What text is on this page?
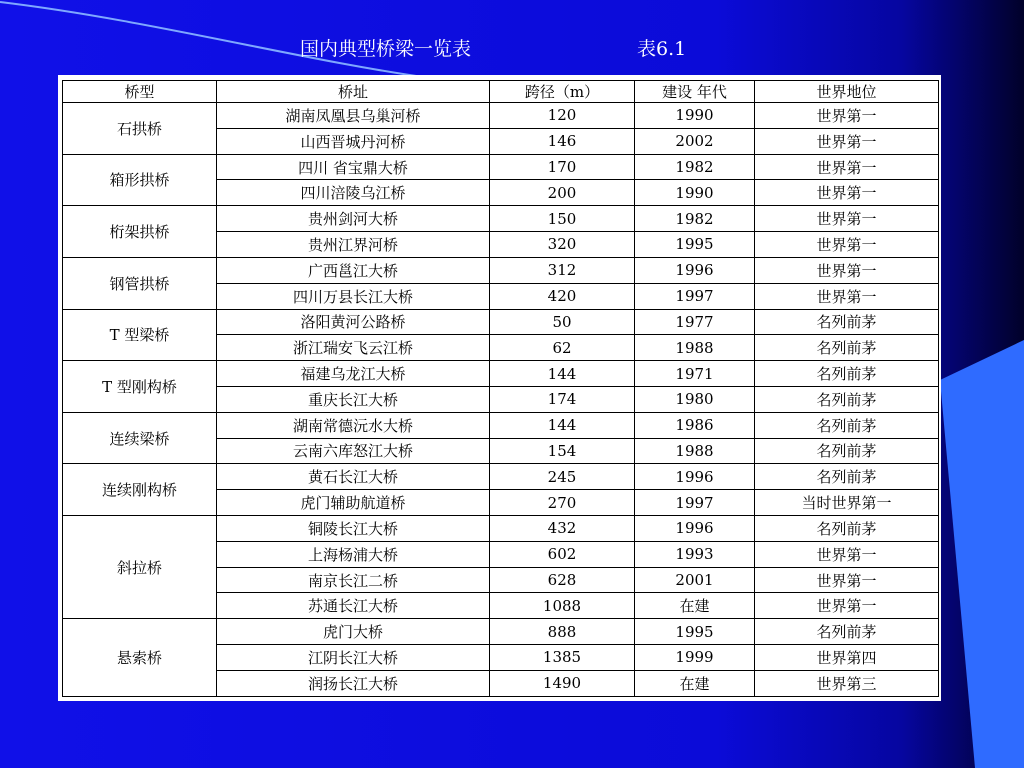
国内典型桥梁一览表	表6.1
桥型	桥址	跨径（m）	建设 年代	世界地位
石拱桥	湖南凤凰县乌巢河桥	120	1990	世界第一
	山西晋城丹河桥	146	2002	世界第一
箱形拱桥	四川 省宝鼎大桥	170	1982	世界第一
	四川涪陵乌江桥	200	1990	世界第一
桁架拱桥	贵州剑河大桥	150	1982	世界第一
	贵州江界河桥	320	1995	世界第一
钢管拱桥	广西邕江大桥	312	1996	世界第一
	四川万县长江大桥	420	1997	世界第一
T 型梁桥	洛阳黄河公路桥	50	1977	名列前茅
	浙江瑞安飞云江桥	62	1988	名列前茅
T 型刚构桥	福建乌龙江大桥	144	1971	名列前茅
	重庆长江大桥	174	1980	名列前茅
连续梁桥	湖南常德沅水大桥	144	1986	名列前茅
	云南六库怒江大桥	154	1988	名列前茅
连续刚构桥	黄石长江大桥	245	1996	名列前茅
	虎门辅助航道桥	270	1997	当时世界第一
斜拉桥	铜陵长江大桥	432	1996	名列前茅
	上海杨浦大桥	602	1993	世界第一
	南京长江二桥	628	2001	世界第一
	苏通长江大桥	1088	在建	世界第一
悬索桥	虎门大桥	888	1995	名列前茅
	江阴长江大桥	1385	1999	世界第四
	润扬长江大桥	1490	在建	世界第三
